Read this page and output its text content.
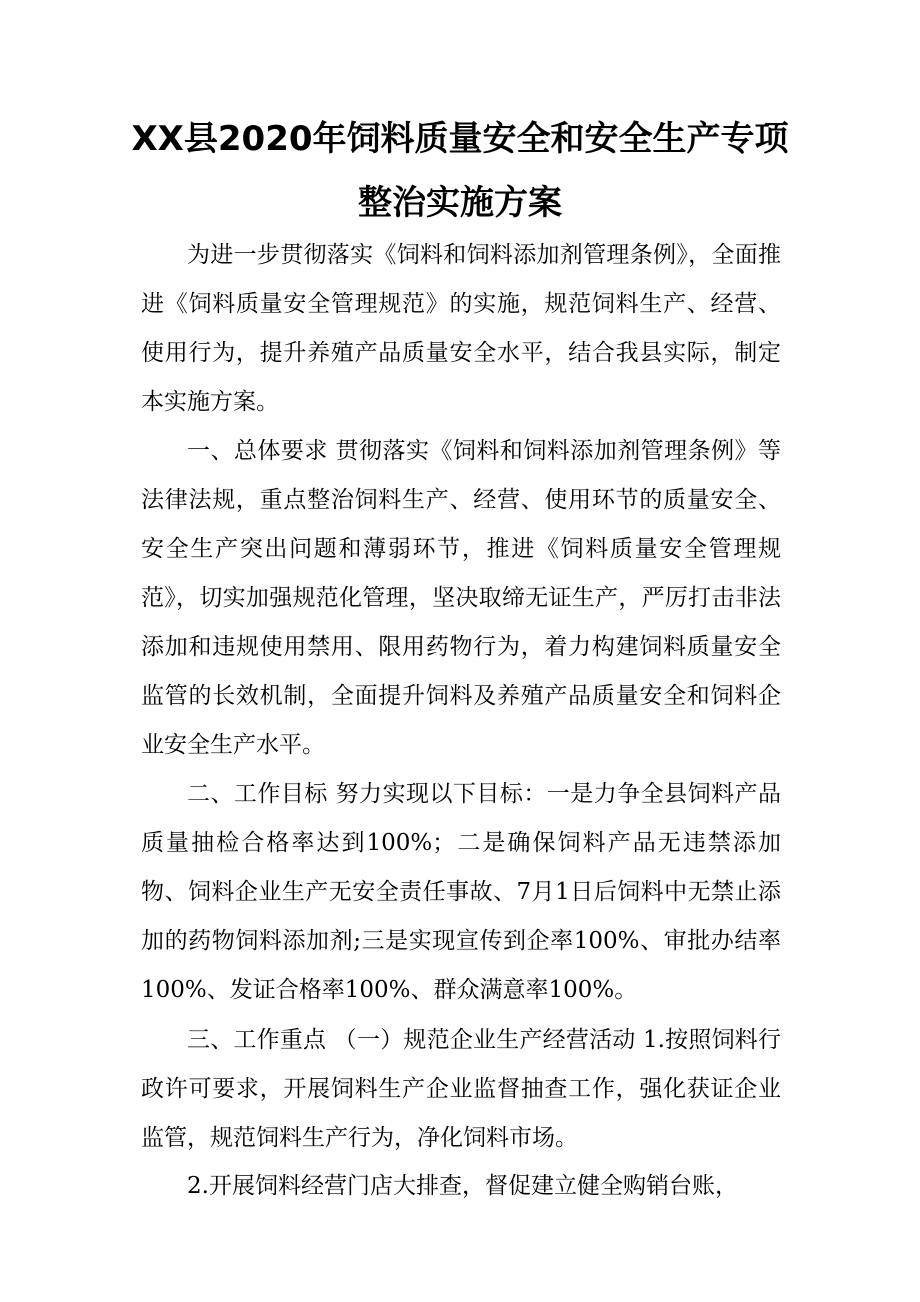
XX县2020年饲料质量安全和安全生产专项
整治实施方案

为进一步贯彻落实《饲料和饲料添加剂管理条例》，全面推进《饲料质量安全管理规范》的实施，规范饲料生产、经营、使用行为，提升养殖产品质量安全水平，结合我县实际，制定本实施方案。

一、总体要求 贯彻落实《饲料和饲料添加剂管理条例》等法律法规，重点整治饲料生产、经营、使用环节的质量安全、安全生产突出问题和薄弱环节，推进《饲料质量安全管理规范》，切实加强规范化管理，坚决取缔无证生产，严厉打击非法添加和违规使用禁用、限用药物行为，着力构建饲料质量安全监管的长效机制，全面提升饲料及养殖产品质量安全和饲料企业安全生产水平。

二、工作目标 努力实现以下目标：一是力争全县饲料产品质量抽检合格率达到100%；二是确保饲料产品无违禁添加物、饲料企业生产无安全责任事故、7月1日后饲料中无禁止添加的药物饲料添加剂;三是实现宣传到企率100%、审批办结率100%、发证合格率100%、群众满意率100%。

三、工作重点 （一）规范企业生产经营活动 1.按照饲料行政许可要求，开展饲料生产企业监督抽查工作，强化获证企业监管，规范饲料生产行为，净化饲料市场。

2.开展饲料经营门店大排查，督促建立健全购销台账，
